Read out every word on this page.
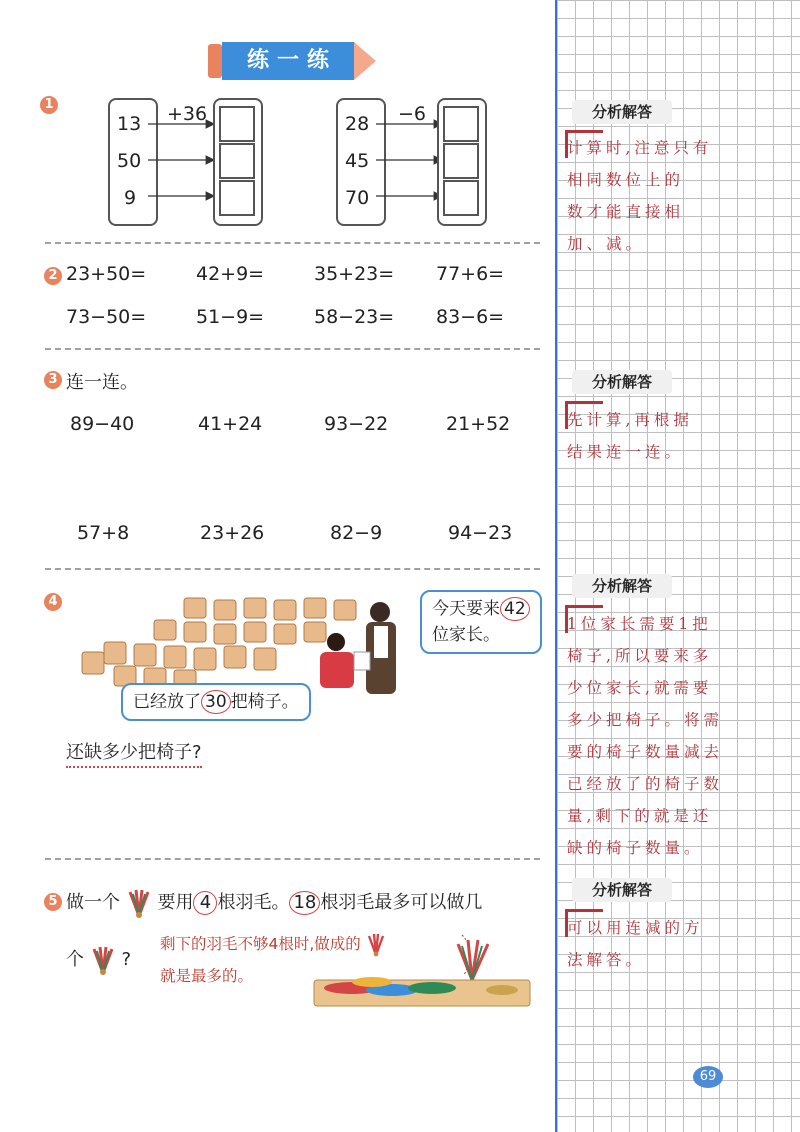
练一练
1
13
50
9
+36	28
45
70
−6
2 23+50=	42+9=	35+23= 77+6=
73−50=	51−9=	58−23= 83−6=
3 连一连。
89−40	41+24	93−22	21+52
57+8	23+26	82−9	94−23
4	今天要来 42
位家长。
已经放了 30 把椅子。
还缺多少把椅子?
5 做一个 要用 4 根羽毛。 18 根羽毛最多可以做几
个 ?
剩下的羽毛不够4根时,做成的
就是最多的。
分析解答
计算时,注意只有
相同数位上的
数才能直接相
加、减。
分析解答
先计算,再根据
结果连一连。
分析解答
1位家长需要1把
椅子,所以要来多
少位家长,就需要
多少把椅子。将需
要的椅子数量减去
已经放了的椅子数
量,剩下的就是还
缺的椅子数量。
分析解答
可以用连减的方
法解答。
69
